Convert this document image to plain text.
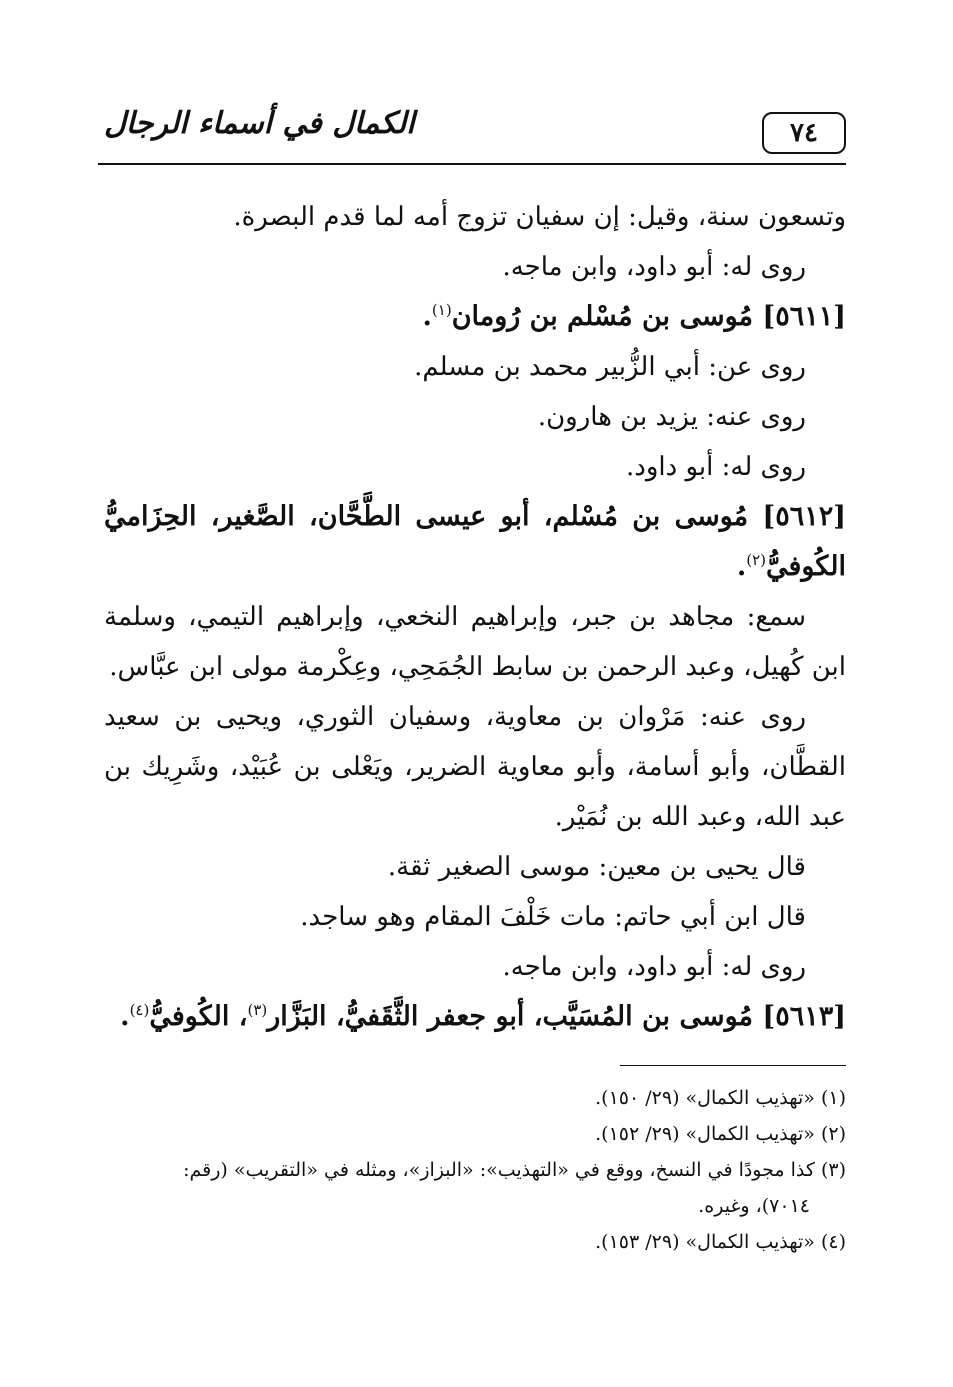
٧٤
الكمال في أسماء الرجال
وتسعون سنة، وقيل: إن سفيان تزوج أمه لما قدم البصرة.
روى له: أبو داود، وابن ماجه.
[٥٦١١] مُوسى بن مُسْلم بن رُومان$^{(١)}$.
روى عن: أبي الزُّبير محمد بن مسلم.
روى عنه: يزيد بن هارون.
روى له: أبو داود.
[٥٦١٢] مُوسى بن مُسْلم، أبو عيسى الطَّحَّان، الصَّغير، الحِزَاميُّ
الكُوفيُّ$^{(٢)}$.
سمع: مجاهد بن جبر، وإبراهيم النخعي، وإبراهيم التيمي، وسلمة
ابن كُهيل، وعبد الرحمن بن سابط الجُمَحِي، وعِكْرمة مولى ابن عبَّاس.
روى عنه: مَرْوان بن معاوية، وسفيان الثوري، ويحيى بن سعيد
القطَّان، وأبو أسامة، وأبو معاوية الضرير، ويَعْلى بن عُبَيْد، وشَرِيك بن
عبد الله، وعبد الله بن نُمَيْر.
قال يحيى بن معين: موسى الصغير ثقة.
قال ابن أبي حاتم: مات خَلْفَ المقام وهو ساجد.
روى له: أبو داود، وابن ماجه.
[٥٦١٣] مُوسى بن المُسَيَّب، أبو جعفر الثَّقَفيُّ، البَزَّار$^{(٣)}$، الكُوفيُّ$^{(٤)}$.
(١) «تهذيب الكمال» (٢٩/ ١٥٠).
(٢) «تهذيب الكمال» (٢٩/ ١٥٢).
(٣) كذا مجودًا في النسخ، ووقع في «التهذيب»: «البزاز»، ومثله في «التقريب» (رقم:
٧٠١٤)، وغيره.
(٤) «تهذيب الكمال» (٢٩/ ١٥٣).
